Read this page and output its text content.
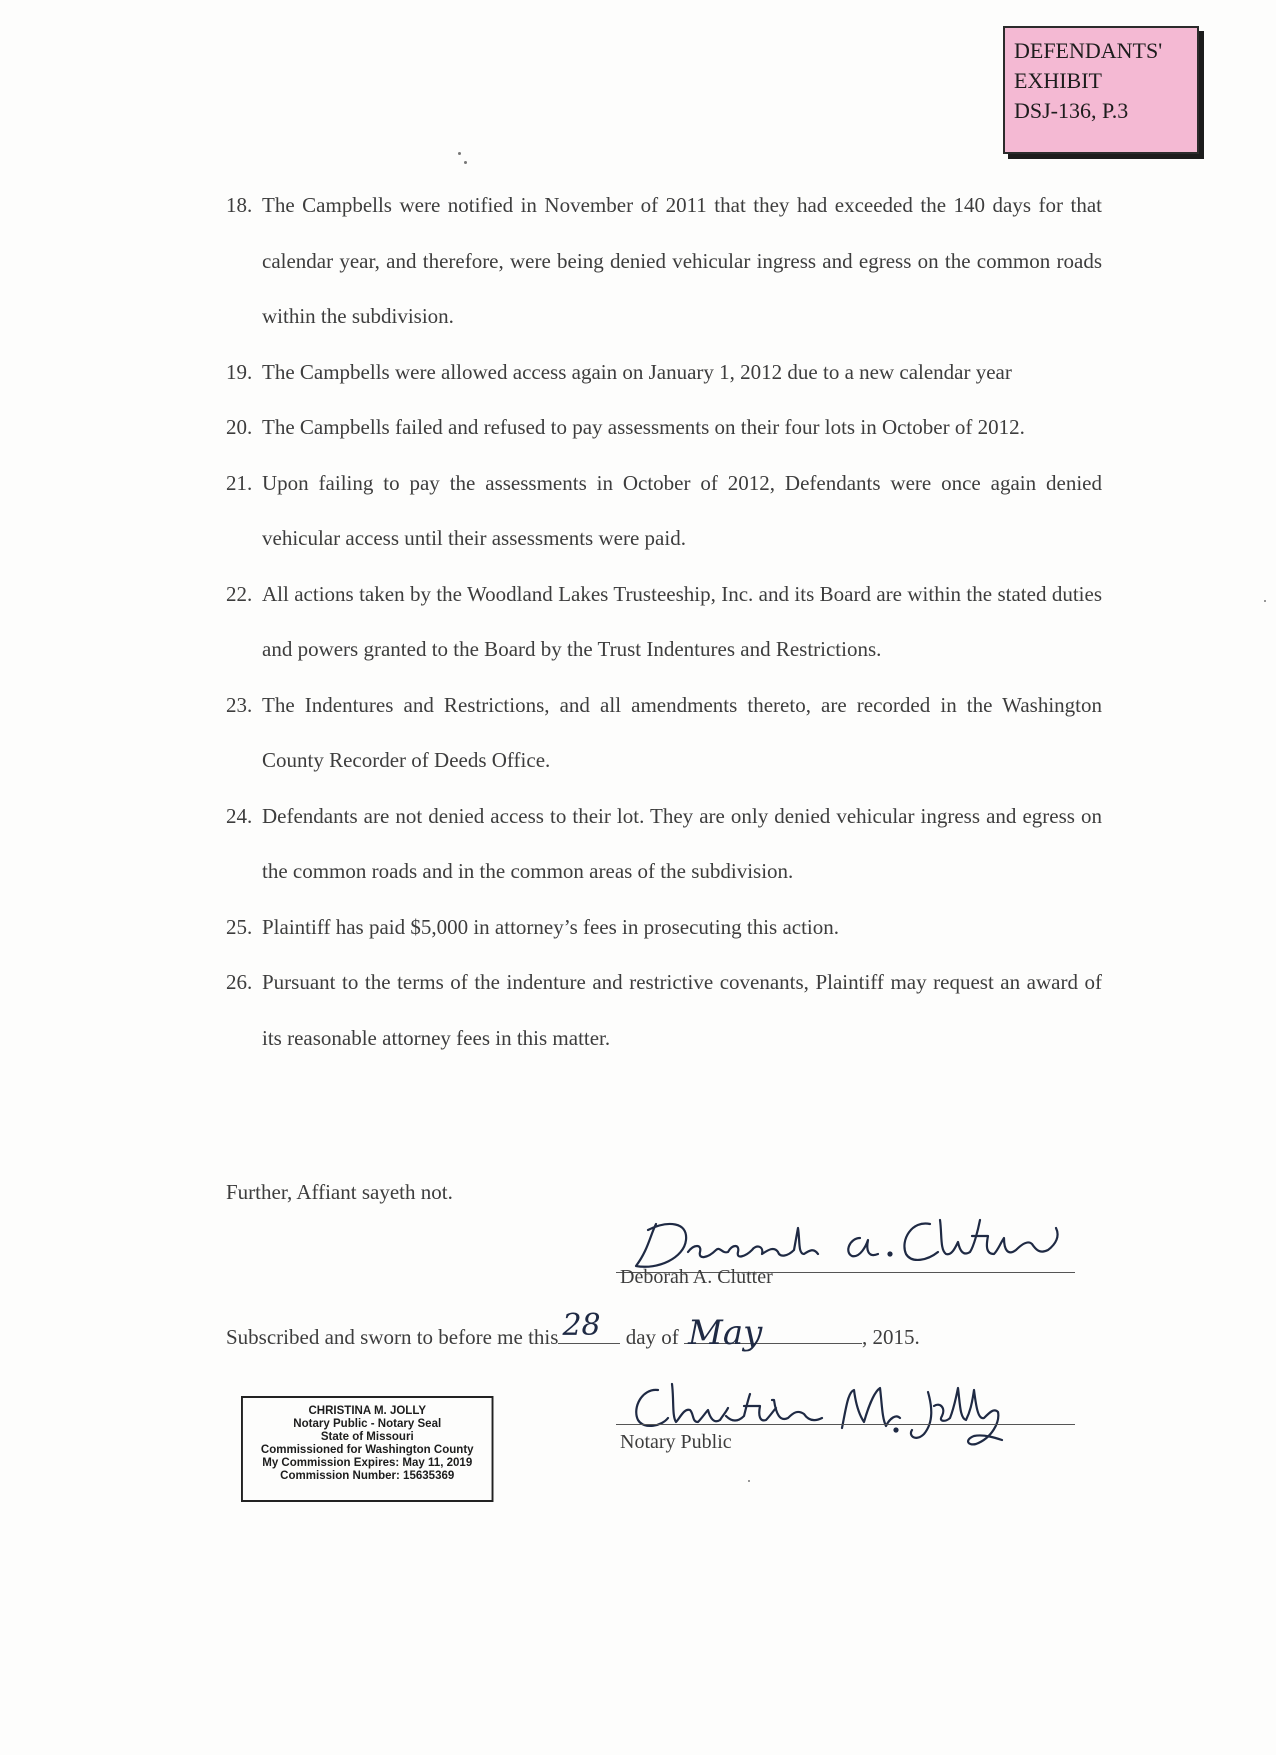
DEFENDANTS'
EXHIBIT
DSJ-136, P.3
18. The Campbells were notified in November of 2011 that they had exceeded the 140 days for that calendar year, and therefore, were being denied vehicular ingress and egress on the common roads within the subdivision.
19. The Campbells were allowed access again on January 1, 2012 due to a new calendar year
20. The Campbells failed and refused to pay assessments on their four lots in October of 2012.
21. Upon failing to pay the assessments in October of 2012, Defendants were once again denied vehicular access until their assessments were paid.
22. All actions taken by the Woodland Lakes Trusteeship, Inc. and its Board are within the stated duties and powers granted to the Board by the Trust Indentures and Restrictions.
23. The Indentures and Restrictions, and all amendments thereto, are recorded in the Washington County Recorder of Deeds Office.
24. Defendants are not denied access to their lot. They are only denied vehicular ingress and egress on the common roads and in the common areas of the subdivision.
25. Plaintiff has paid $5,000 in attorney’s fees in prosecuting this action.
26. Pursuant to the terms of the indenture and restrictive covenants, Plaintiff may request an award of its reasonable attorney fees in this matter.
Further, Affiant sayeth not.
Deborah A. Clutter
Subscribed and sworn to before me this 28 day of May	, 2015.
Notary Public
CHRISTINA M. JOLLY
Notary Public - Notary Seal
State of Missouri
Commissioned for Washington County
My Commission Expires: May 11, 2019
Commission Number: 15635369
